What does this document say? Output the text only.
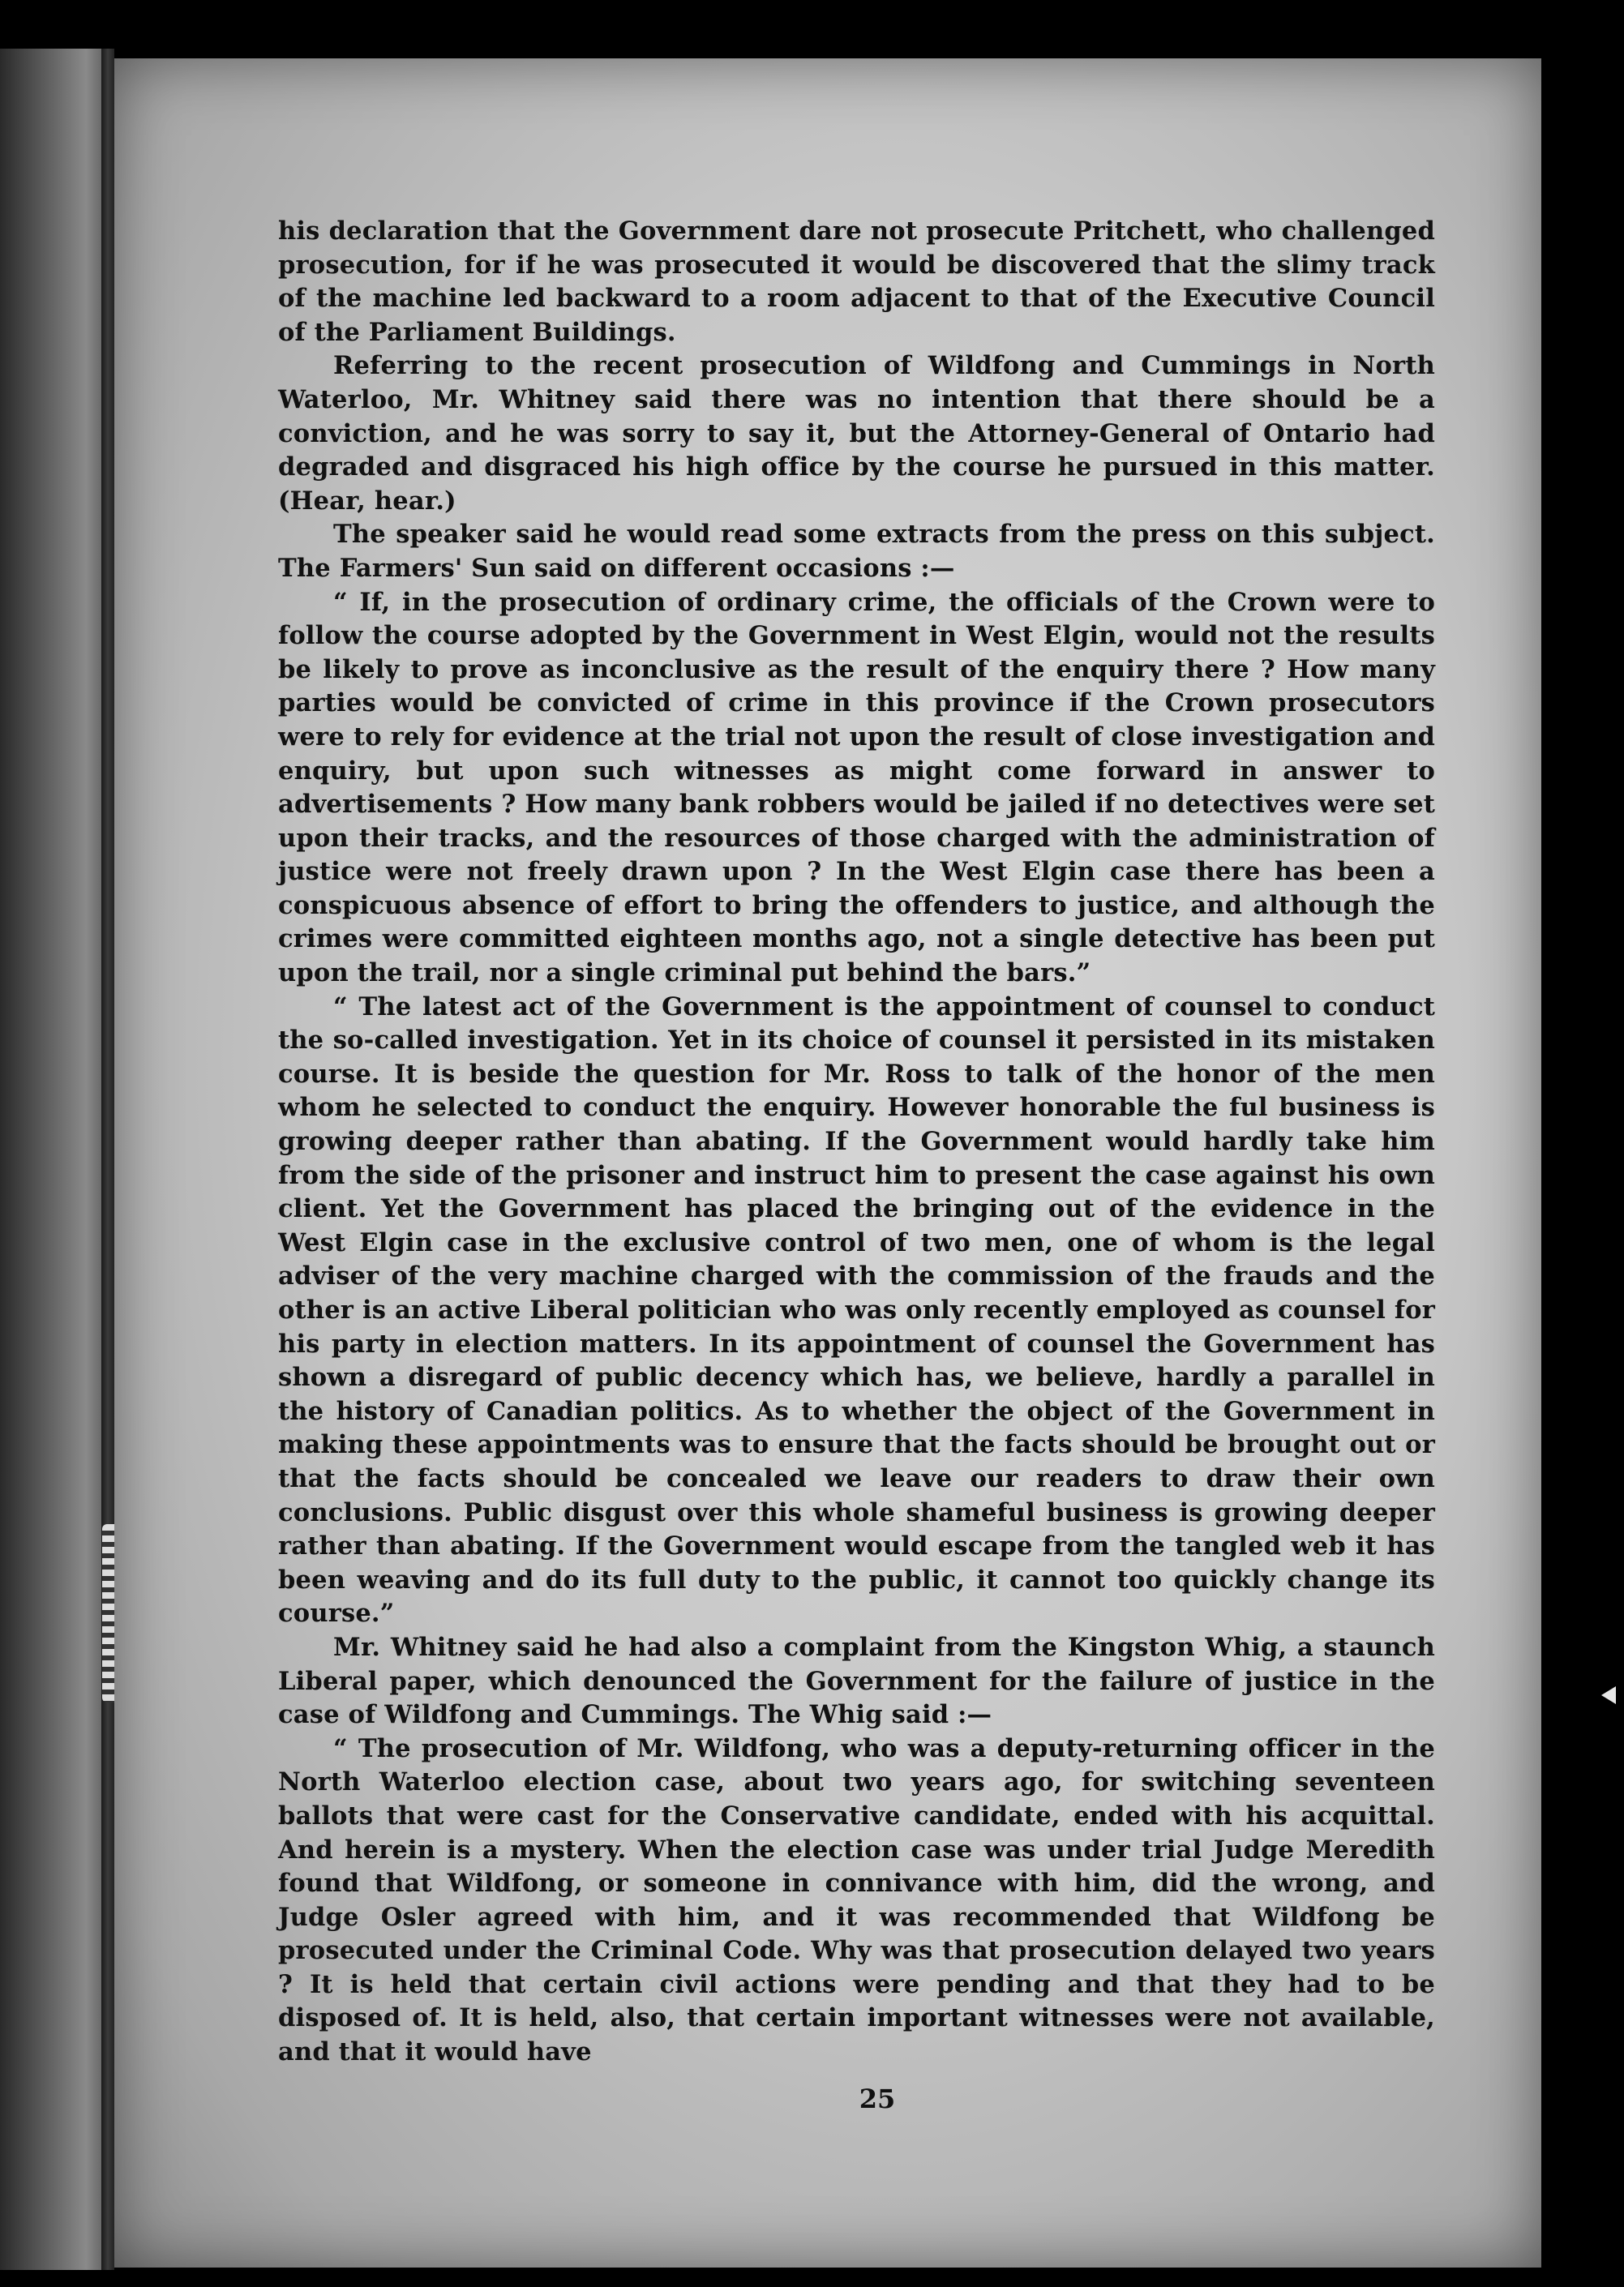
his declaration that the Government dare not prosecute Pritchett, who challenged prosecution, for if he was prosecuted it would be discovered that the slimy track of the machine led backward to a room adjacent to that of the Executive Council of the Parliament Buildings.

Referring to the recent prosecution of Wildfong and Cummings in North Waterloo, Mr. Whitney said there was no intention that there should be a conviction, and he was sorry to say it, but the Attorney-General of Ontario had degraded and disgraced his high office by the course he pursued in this matter. (Hear, hear.)

The speaker said he would read some extracts from the press on this subject. The Farmers' Sun said on different occasions :—

“ If, in the prosecution of ordinary crime, the officials of the Crown were to follow the course adopted by the Government in West Elgin, would not the results be likely to prove as inconclusive as the result of the enquiry there ? How many parties would be convicted of crime in this province if the Crown prosecutors were to rely for evidence at the trial not upon the result of close investigation and enquiry, but upon such witnesses as might come forward in answer to advertisements ? How many bank robbers would be jailed if no detectives were set upon their tracks, and the resources of those charged with the administration of justice were not freely drawn upon ? In the West Elgin case there has been a conspicuous absence of effort to bring the offenders to justice, and although the crimes were committed eighteen months ago, not a single detective has been put upon the trail, nor a single criminal put behind the bars.”

“ The latest act of the Government is the appointment of counsel to conduct the so-called investigation. Yet in its choice of counsel it persisted in its mistaken course. It is beside the question for Mr. Ross to talk of the honor of the men whom he selected to conduct the enquiry. However honorable the ful business is growing deeper rather than abating. If the Government would hardly take him from the side of the prisoner and instruct him to present the case against his own client. Yet the Government has placed the bringing out of the evidence in the West Elgin case in the exclusive control of two men, one of whom is the legal adviser of the very machine charged with the commission of the frauds and the other is an active Liberal politician who was only recently employed as counsel for his party in election matters. In its appointment of counsel the Government has shown a disregard of public decency which has, we believe, hardly a parallel in the history of Canadian politics. As to whether the object of the Government in making these appointments was to ensure that the facts should be brought out or that the facts should be concealed we leave our readers to draw their own conclusions. Public disgust over this whole shameful business is growing deeper rather than abating. If the Government would escape from the tangled web it has been weaving and do its full duty to the public, it cannot too quickly change its course.”

Mr. Whitney said he had also a complaint from the Kingston Whig, a staunch Liberal paper, which denounced the Government for the failure of justice in the case of Wildfong and Cummings. The Whig said :—

“ The prosecution of Mr. Wildfong, who was a deputy-returning officer in the North Waterloo election case, about two years ago, for switching seventeen ballots that were cast for the Conservative candidate, ended with his acquittal. And herein is a mystery. When the election case was under trial Judge Meredith found that Wildfong, or someone in connivance with him, did the wrong, and Judge Osler agreed with him, and it was recommended that Wildfong be prosecuted under the Criminal Code. Why was that prosecution delayed two years ? It is held that certain civil actions were pending and that they had to be disposed of. It is held, also, that certain important witnesses were not available, and that it would have

25
